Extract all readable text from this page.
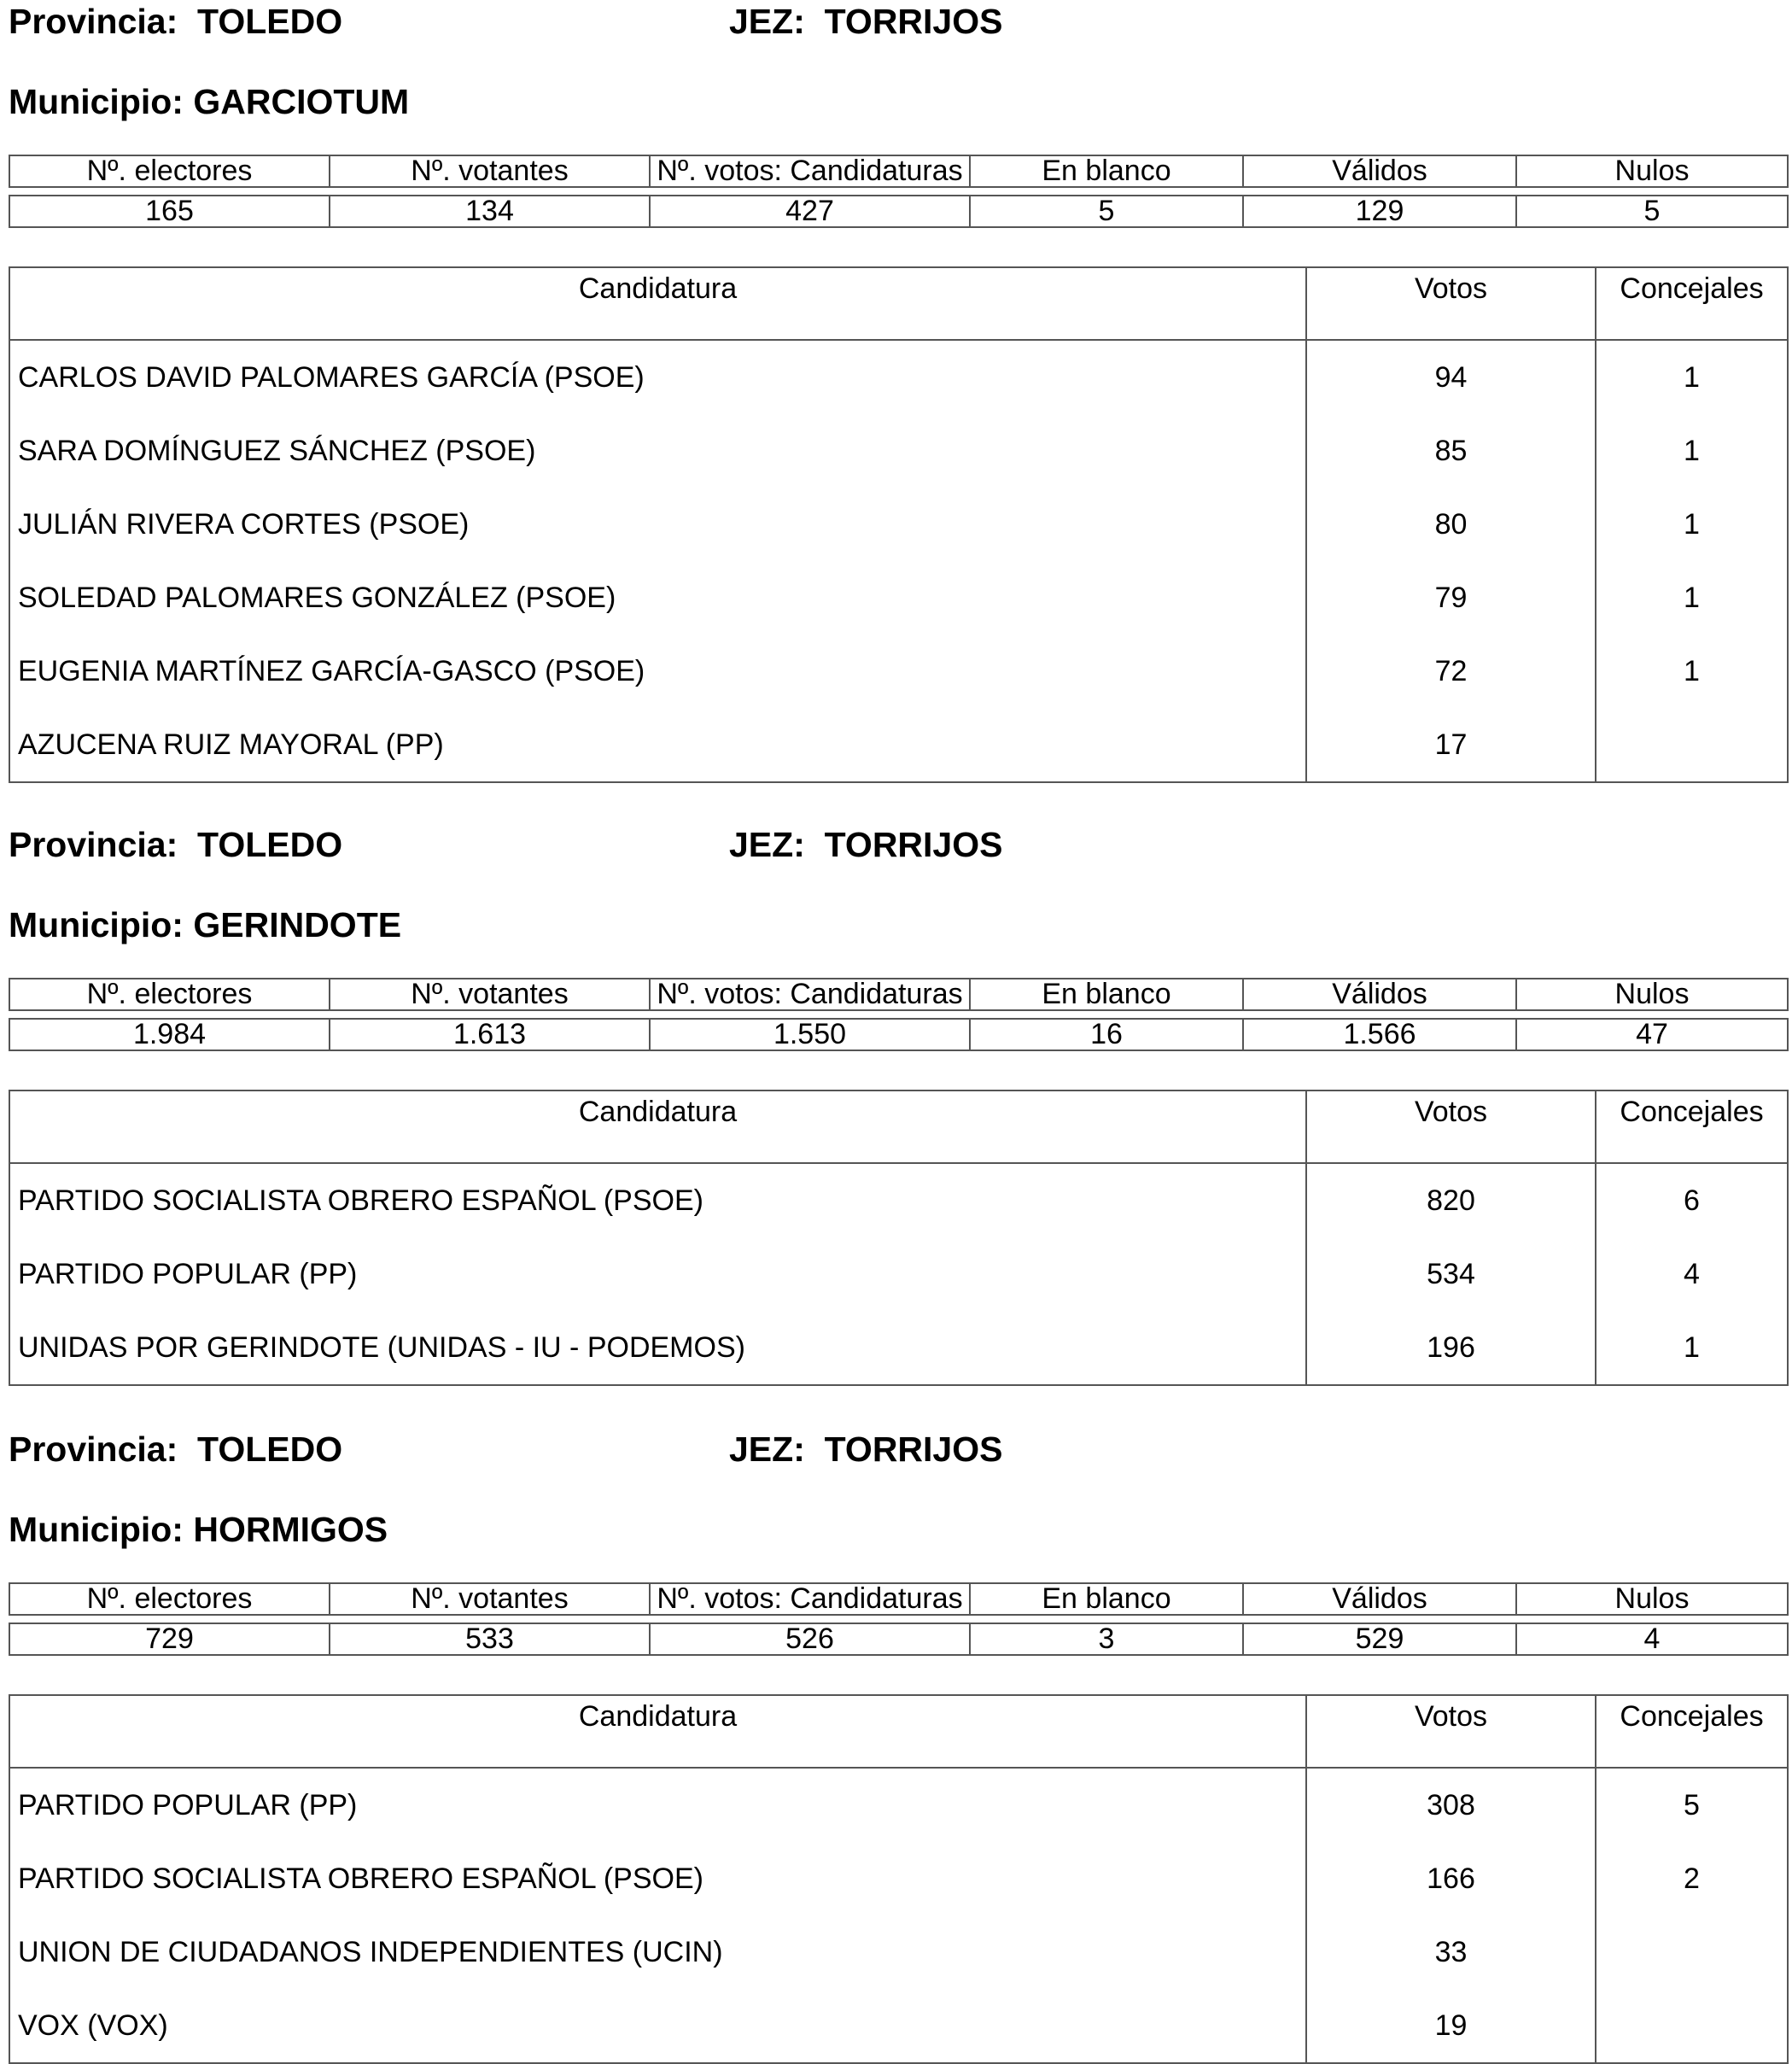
Provincia:  TOLEDO	JEZ:  TORRIJOS
Municipio: GARCIOTUM
Nº. electores	Nº. votantes	Nº. votos: Candidaturas	En blanco	Válidos	Nulos

165	134	427	5	129	5
Candidatura	Votos	Concejales
CARLOS DAVID PALOMARES GARCÍA (PSOE)	94	1
SARA DOMÍNGUEZ SÁNCHEZ (PSOE)	85	1
JULIÁN RIVERA CORTES (PSOE)	80	1
SOLEDAD PALOMARES GONZÁLEZ (PSOE)	79	1
EUGENIA MARTÍNEZ GARCÍA-GASCO (PSOE)	72	1
AZUCENA RUIZ MAYORAL (PP)	17	
Provincia:  TOLEDO	JEZ:  TORRIJOS
Municipio: GERINDOTE
Nº. electores	Nº. votantes	Nº. votos: Candidaturas	En blanco	Válidos	Nulos

1.984	1.613	1.550	16	1.566	47
Candidatura	Votos	Concejales
PARTIDO SOCIALISTA OBRERO ESPAÑOL (PSOE)	820	6
PARTIDO POPULAR (PP)	534	4
UNIDAS POR GERINDOTE (UNIDAS - IU - PODEMOS)	196	1
Provincia:  TOLEDO	JEZ:  TORRIJOS
Municipio: HORMIGOS
Nº. electores	Nº. votantes	Nº. votos: Candidaturas	En blanco	Válidos	Nulos

729	533	526	3	529	4
Candidatura	Votos	Concejales
PARTIDO POPULAR (PP)	308	5
PARTIDO SOCIALISTA OBRERO ESPAÑOL (PSOE)	166	2
UNION DE CIUDADANOS INDEPENDIENTES (UCIN)	33	
VOX (VOX)	19	
